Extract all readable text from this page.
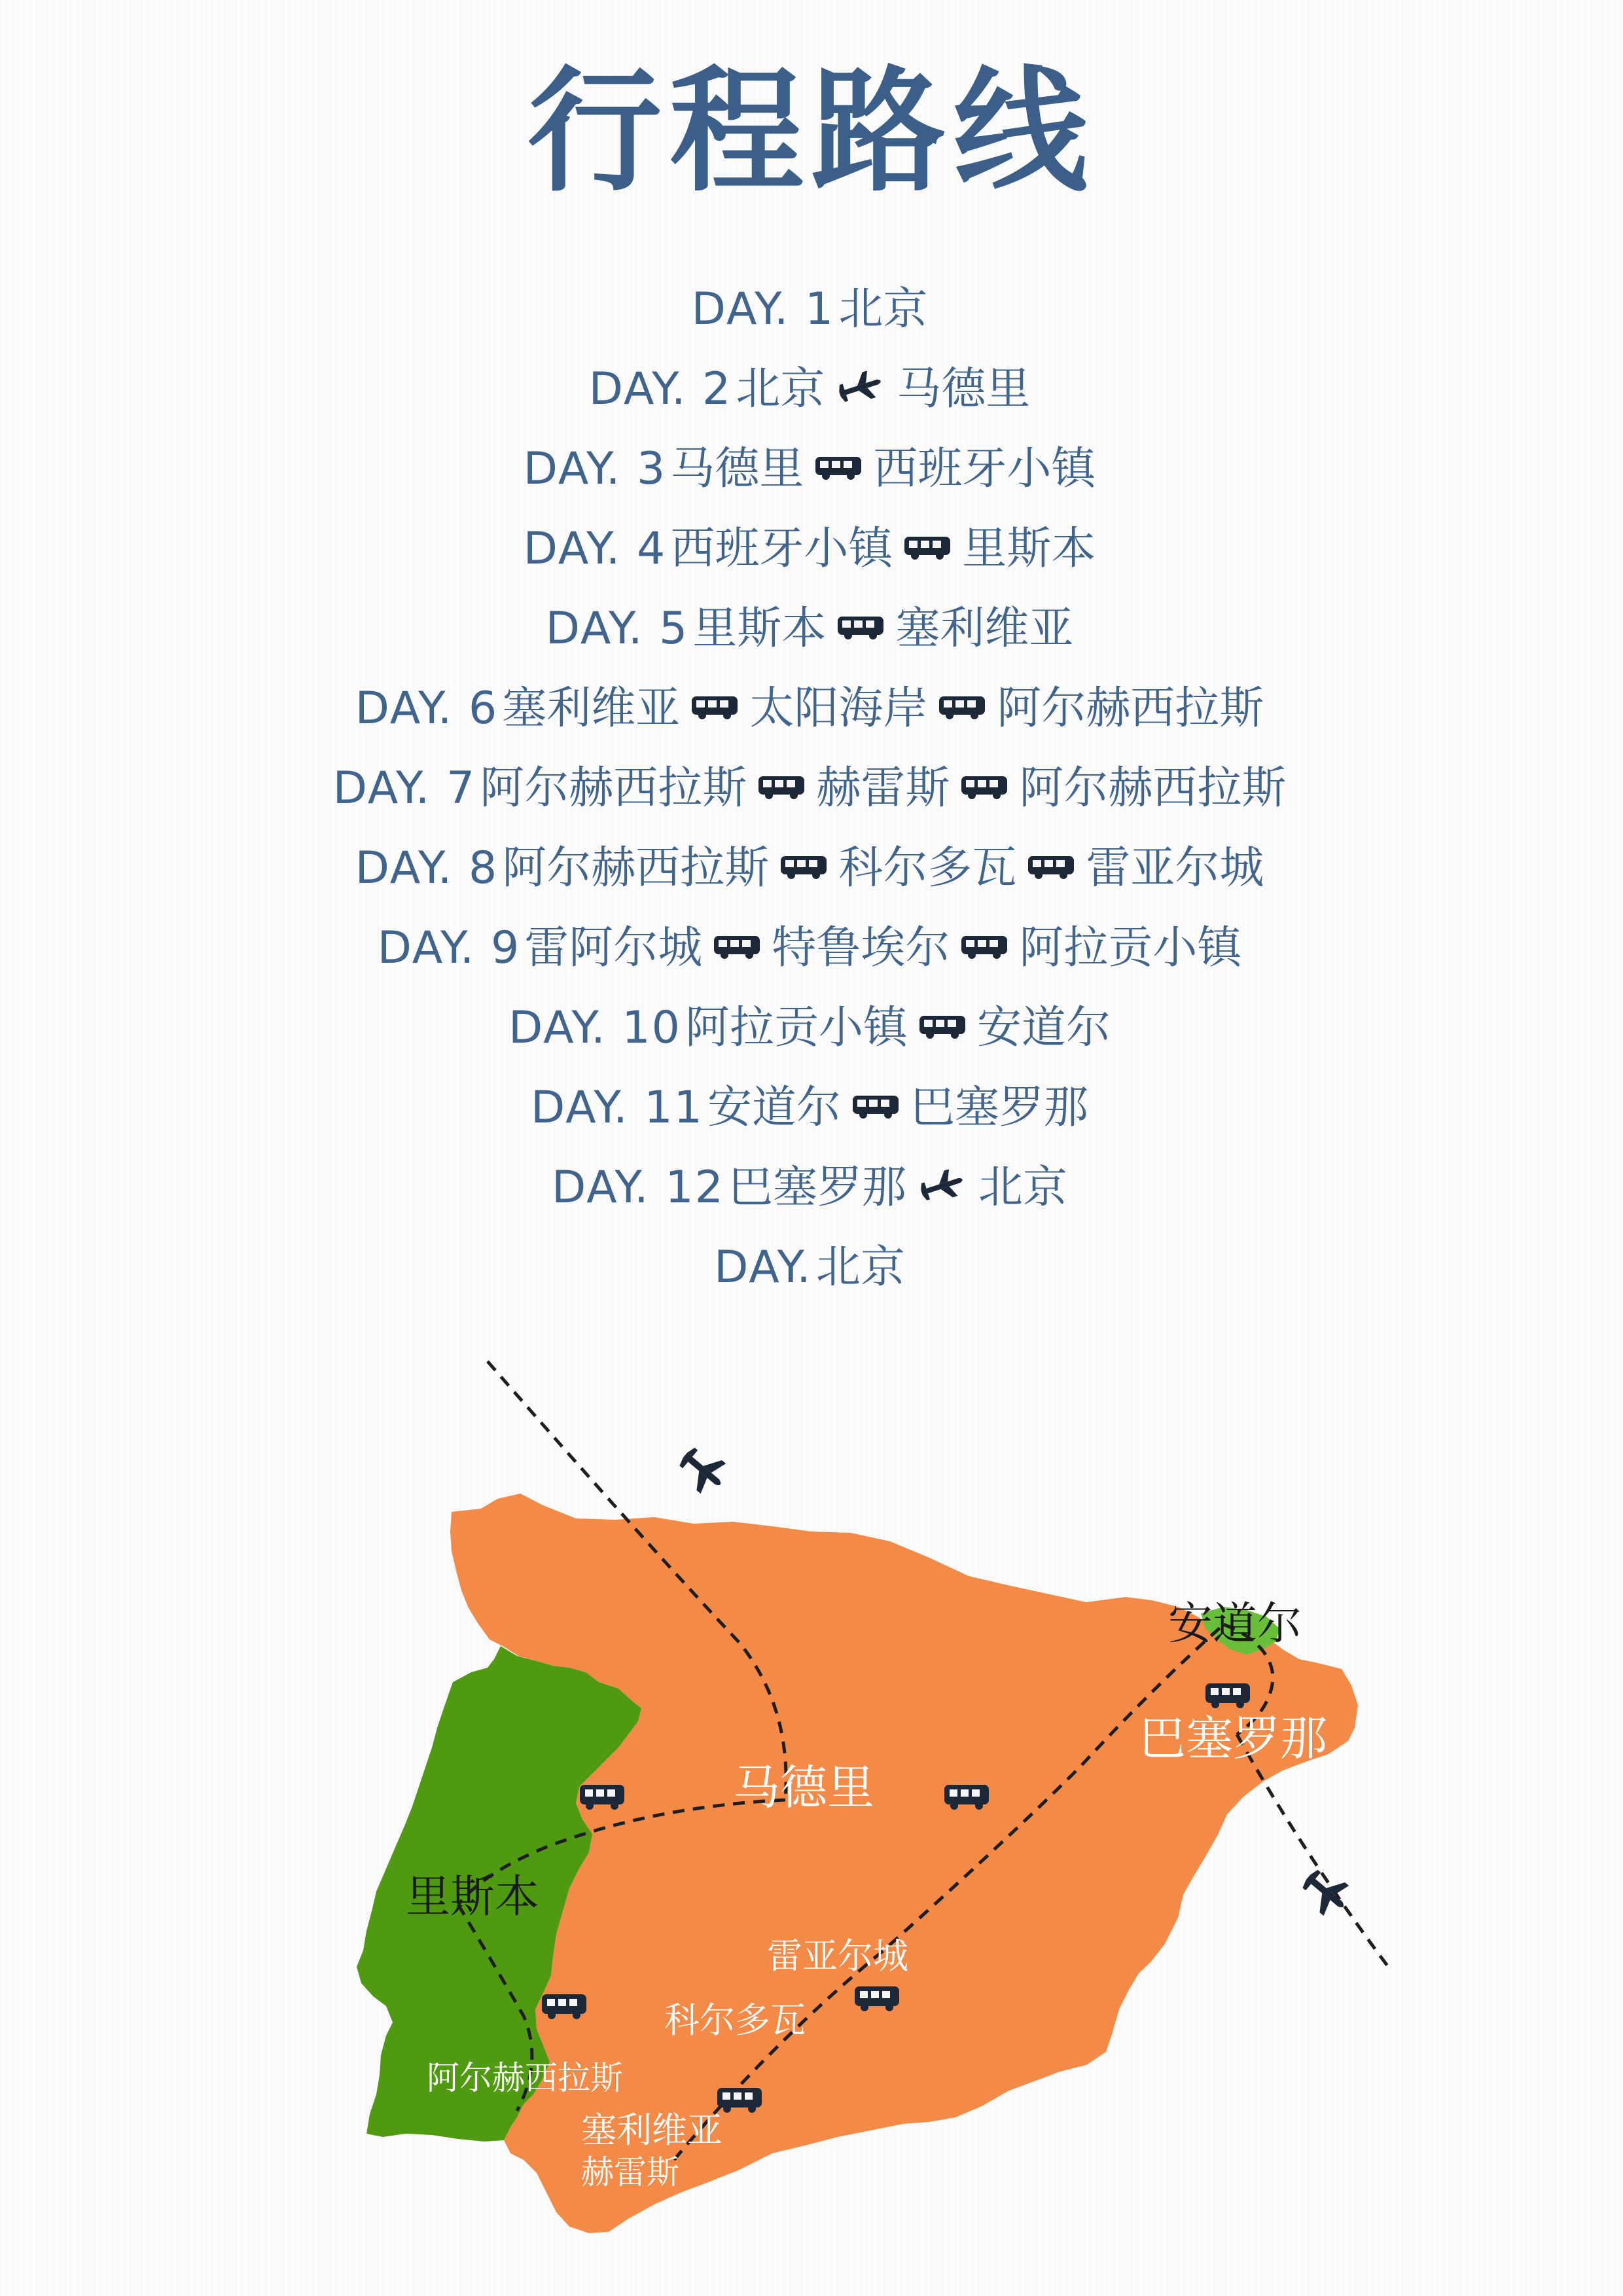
行程路线
DAY. 1北京
DAY. 2北京 马德里
DAY. 3马德里 西班牙小镇
DAY. 4西班牙小镇 里斯本
DAY. 5里斯本 塞利维亚
DAY. 6塞利维亚 太阳海岸 阿尔赫西拉斯
DAY. 7阿尔赫西拉斯 赫雷斯 阿尔赫西拉斯
DAY. 8阿尔赫西拉斯 科尔多瓦 雷亚尔城
DAY. 9雷阿尔城 特鲁埃尔 阿拉贡小镇
DAY. 10阿拉贡小镇 安道尔
DAY. 11安道尔 巴塞罗那
DAY. 12巴塞罗那 北京
DAY.北京
安道尔
巴塞罗那
马德里
里斯本
雷亚尔城
科尔多瓦
阿尔赫西拉斯
塞利维亚
赫雷斯
